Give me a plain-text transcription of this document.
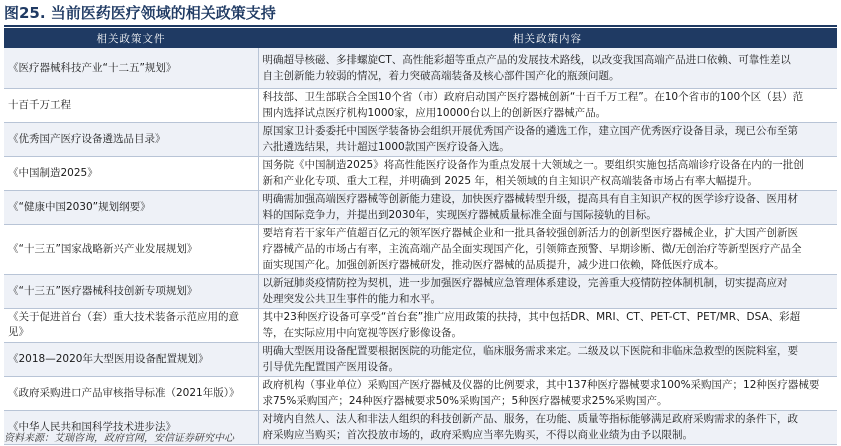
图25. 当前医药医疗领域的相关政策支持
相关政策文件	相关政策内容
《医疗器械科技产业“十二五”规划》	明确超导核磁、多排螺旋CT、高性能彩超等重点产品的发展技术路线，以改变我国高端产品进口依赖、可靠性差以
自主创新能力较弱的情况，着力突破高端装备及核心部件国产化的瓶颈问题。

十百千万工程	科技部、卫生部联合全国10个省（市）政府启动国产医疗器械创新“十百千万工程”。在10个省市的100个区（县）范
围内选择试点医疗机构1000家，应用10000台以上的创新医疗器械产品。

《优秀国产医疗设备遴选品目录》	原国家卫计委委托中国医学装备协会组织开展优秀国产设备的遴选工作，建立国产优秀医疗设备目录，现已公布至第
六批遴选结果，共计超过1000款国产医疗设备入选。

《中国制造2025》	国务院《中国制造2025》将高性能医疗设备作为重点发展十大领域之一。要组织实施包括高端诊疗设备在内的一批创
新和产业化专项、重大工程，并明确到 2025 年，相关领域的自主知识产权高端装备市场占有率大幅提升。

《“健康中国2030”规划纲要》	明确需加强高端医疗器械等创新能力建设，加快医疗器械转型升级，提高具有自主知识产权的医学诊疗设备、医用材
料的国际竞争力，并提出到2030年，实现医疗器械质量标准全面与国际接轨的目标。

《“十三五”国家战略新兴产业发展规划》	要培育若干家年产值超百亿元的领军医疗器械企业和一批具备较强创新活力的创新型医疗器械企业，扩大国产创新医
疗器械产品的市场占有率，主流高端产品全面实现国产化，引领筛查预警、早期诊断、微/无创治疗等新型医疗产品全
面实现国产化。加强创新医疗器械研发，推动医疗器械的品质提升，减少进口依赖，降低医疗成本。

《“十三五”医疗器械科技创新专项规划》	以新冠肺炎疫情防控为契机，进一步加强医疗器械应急管理体系建设，完善重大疫情防控体制机制，切实提高应对
处理突发公共卫生事件的能力和水平。

《关于促进首台（套）重大技术装备示范应用的意见》	其中23种医疗设备可享受“首台套”推广应用政策的扶持，其中包括DR、MRI、CT、PET-CT、PET/MR、DSA、彩超
等，在实际应用中向宽视等医疗影像设备。

《2018—2020年大型医用设备配置规划》	明确大型医用设备配置要根据医院的功能定位，临床服务需求来定。二级及以下医院和非临床急救型的医院料室，要
引导优先配置国产医用设备。

《政府采购进口产品审核指导标准（2021年版）》	政府机构（事业单位）采购国产医疗器械及仪器的比例要求，其中137种医疗器械要求100%采购国产；12种医疗器械要
求75%采购国产；24种医疗器械要求50%采购国产；5种医疗器械要求25%采购国产。

《中华人民共和国科学技术进步法》	对境内自然人、法人和非法人组织的科技创新产品、服务，在功能、质量等指标能够满足政府采购需求的条件下，政
府采购应当购买；首次投放市场的，政府采购应当率先购买，不得以商业业绩为由予以限制。
资料来源：艾瑞咨询，政府官网，安信证券研究中心
